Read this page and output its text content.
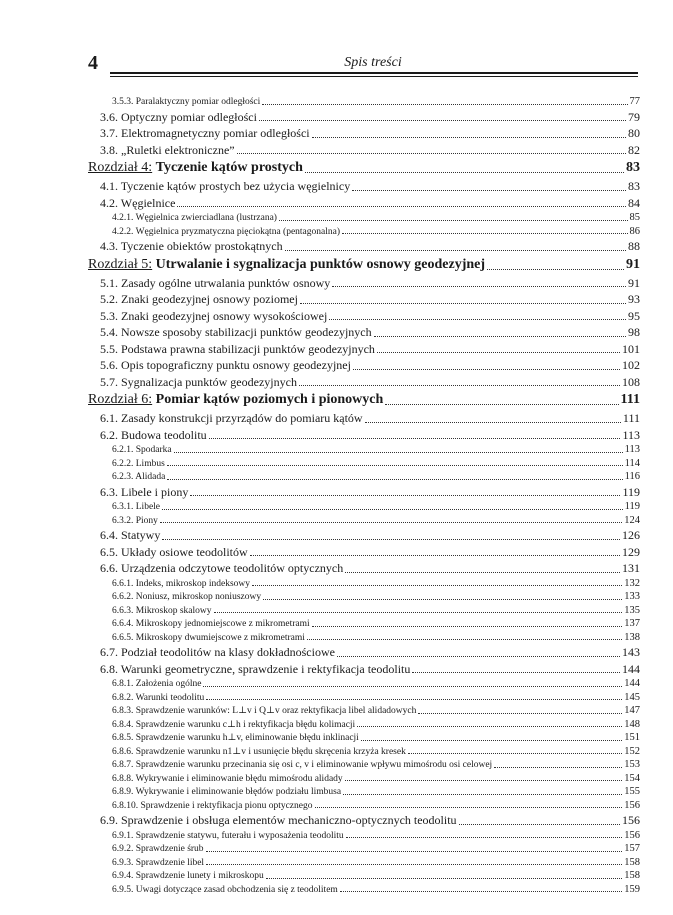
4	Spis treści
3.5.3. Paralaktyczny pomiar odległości	77
3.6. Optyczny pomiar odległości	79
3.7. Elektromagnetyczny pomiar odległości	80
3.8. „Ruletki elektroniczne”	82
Rozdział 4: Tyczenie kątów prostych	83
4.1. Tyczenie kątów prostych bez użycia węgielnicy	83
4.2. Węgielnice	84
4.2.1. Węgielnica zwierciadlana (lustrzana)	85
4.2.2. Węgielnica pryzmatyczna pięciokątna (pentagonalna)	86
4.3. Tyczenie obiektów prostokątnych	88
Rozdział 5: Utrwalanie i sygnalizacja punktów osnowy geodezyjnej	91
5.1. Zasady ogólne utrwalania punktów osnowy	91
5.2. Znaki geodezyjnej osnowy poziomej	93
5.3. Znaki geodezyjnej osnowy wysokościowej	95
5.4. Nowsze sposoby stabilizacji punktów geodezyjnych	98
5.5. Podstawa prawna stabilizacji punktów geodezyjnych	101
5.6. Opis topograficzny punktu osnowy geodezyjnej	102
5.7. Sygnalizacja punktów geodezyjnych	108
Rozdział 6: Pomiar kątów poziomych i pionowych	111
6.1. Zasady konstrukcji przyrządów do pomiaru kątów	111
6.2. Budowa teodolitu	113
6.2.1. Spodarka	113
6.2.2. Limbus	114
6.2.3. Alidada	116
6.3. Libele i piony	119
6.3.1. Libele	119
6.3.2. Piony	124
6.4. Statywy	126
6.5. Układy osiowe teodolitów	129
6.6. Urządzenia odczytowe teodolitów optycznych	131
6.6.1. Indeks, mikroskop indeksowy	132
6.6.2. Noniusz, mikroskop noniuszowy	133
6.6.3. Mikroskop skalowy	135
6.6.4. Mikroskopy jednomiejscowe z mikrometrami	137
6.6.5. Mikroskopy dwumiejscowe z mikrometrami	138
6.7. Podział teodolitów na klasy dokładnościowe	143
6.8. Warunki geometryczne, sprawdzenie i rektyfikacja teodolitu	144
6.8.1. Założenia ogólne	144
6.8.2. Warunki teodolitu	145
6.8.3. Sprawdzenie warunków: L⊥v i Q⊥v oraz rektyfikacja libel alidadowych	147
6.8.4. Sprawdzenie warunku c⊥h i rektyfikacja błędu kolimacji	148
6.8.5. Sprawdzenie warunku h⊥v, eliminowanie błędu inklinacji	151
6.8.6. Sprawdzenie warunku n1⊥v i usunięcie błędu skręcenia krzyża kresek	152
6.8.7. Sprawdzenie warunku przecinania się osi c, v i eliminowanie wpływu mimośrodu osi celowej	153
6.8.8. Wykrywanie i eliminowanie błędu mimośrodu alidady	154
6.8.9. Wykrywanie i eliminowanie błędów podziału limbusa	155
6.8.10. Sprawdzenie i rektyfikacja pionu optycznego	156
6.9. Sprawdzenie i obsługa elementów mechaniczno-optycznych teodolitu	156
6.9.1. Sprawdzenie statywu, futerału i wyposażenia teodolitu	156
6.9.2. Sprawdzenie śrub	157
6.9.3. Sprawdzenie libel	158
6.9.4. Sprawdzenie lunety i mikroskopu	158
6.9.5. Uwagi dotyczące zasad obchodzenia się z teodolitem	159
